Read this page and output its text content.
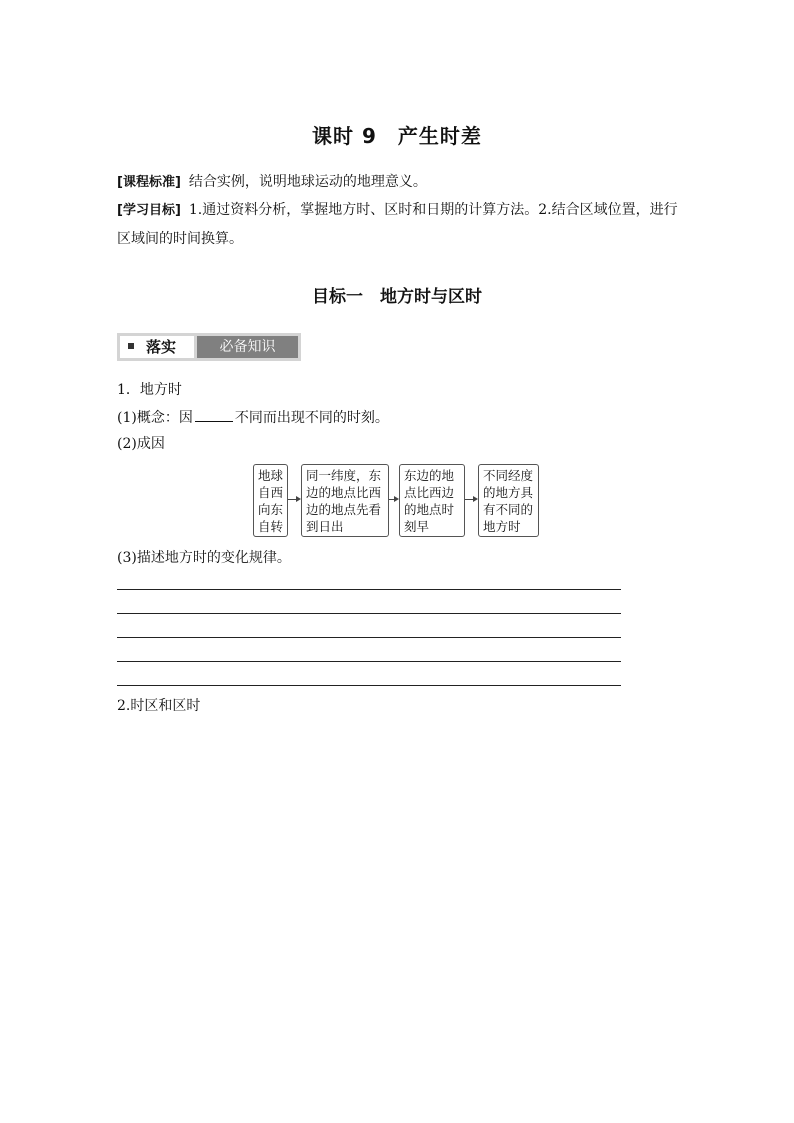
课时 9　产生时差
[课程标准] 结合实例，说明地球运动的地理意义。
[学习目标] 1.通过资料分析，掌握地方时、区时和日期的计算方法。2.结合区域位置，进行区域间的时间换算。
目标一　地方时与区时
落实	必备知识
1．地方时
(1)概念：因	不同而出现不同的时刻。
(2)成因
地球自西向东自转
同一纬度，东边的地点比西边的地点先看到日出
东边的地点比西边的地点时刻早
不同经度的地方具有不同的地方时
(3)描述地方时的变化规律。
2.时区和区时
